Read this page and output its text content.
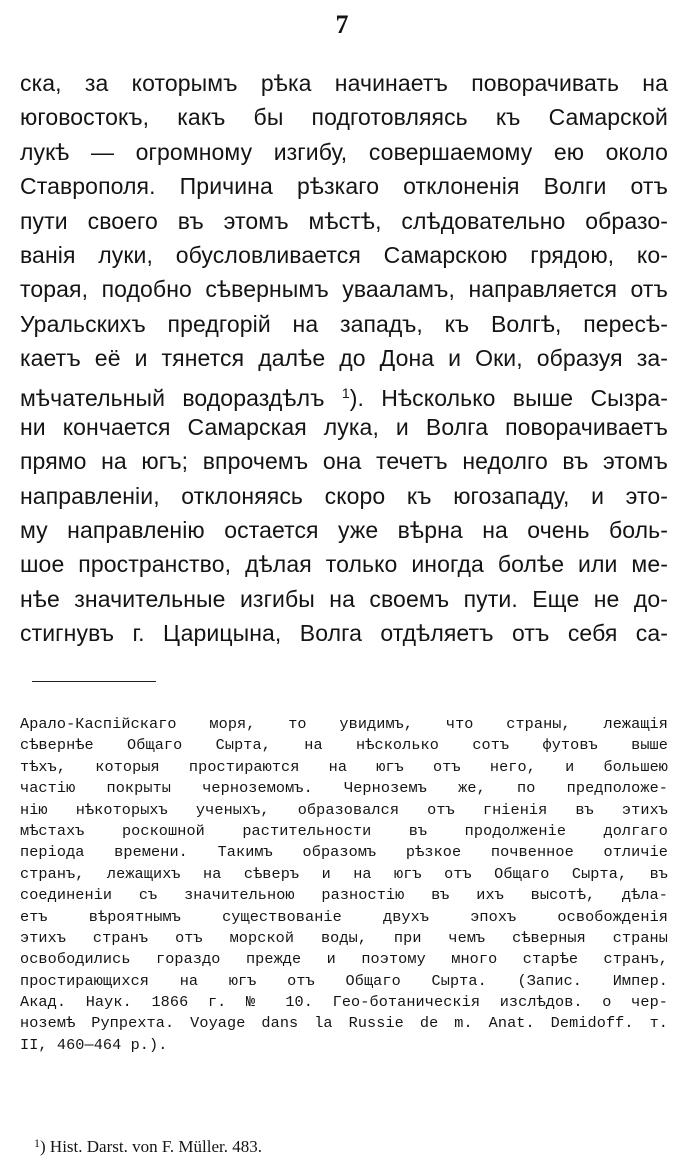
7
ска, за которымъ рѣка начинаетъ поворачивать на
юговостокъ, какъ бы подготовляясь къ Самарской
лукѣ — огромному изгибу, совершаемому ею около
Ставрополя. Причина рѣзкаго отклоненія Волги отъ
пути своего въ этомъ мѣстѣ, слѣдовательно образо-
ванія луки, обусловливается Самарскою грядою, ко-
торая, подобно сѣвернымъ увааламъ, направляется отъ
Уральскихъ предгорій на западъ, къ Волгѣ, пересѣ-
каетъ её и тянется далѣе до Дона и Оки, образуя за-
мѣчательный водораздѣлъ $^1$). Нѣсколько выше Сызра-
ни кончается Самарская лука, и Волга поворачиваетъ
прямо на югъ; впрочемъ она течетъ недолго въ этомъ
направленіи, отклоняясь скоро къ югозападу, и это-
му направленію остается уже вѣрна на очень боль-
шое пространство, дѣлая только иногда болѣе или ме-
нѣе значительные изгибы на своемъ пути. Еще не до-
стигнувъ г. Царицына, Волга отдѣляетъ отъ себя са-
Арало-Каспійскаго моря, то увидимъ, что страны, лежащія
сѣвернѣе Общаго Сырта, на нѣсколько сотъ футовъ выше
тѣхъ, которыя простираются на югъ отъ него, и большею
частію покрыты черноземомъ. Черноземъ же, по предположе-
нію нѣкоторыхъ ученыхъ, образовался отъ гніенія въ этихъ
мѣстахъ роскошной растительности въ продолженіе долгаго
періода времени. Такимъ образомъ рѣзкое почвенное отличіе
странъ, лежащихъ на сѣверъ и на югъ отъ Общаго Сырта, въ
соединеніи съ значительною разностію въ ихъ высотѣ, дѣла-
етъ вѣроятнымъ существованіе двухъ эпохъ освобожденія
этихъ странъ отъ морской воды, при чемъ сѣверныя страны
освободились гораздо прежде и поэтому много старѣе странъ,
простирающихся на югъ отъ Общаго Сырта. (Запис. Импер.
Акад. Наук. 1866 г. № 10. Гео-ботаническія изслѣдов. о чер-
ноземѣ Рупрехта. Voyage dans la Russie de m. Anat. Demidoff. т.
II, 460—464 p.).
$^1$) Hist. Darst. von F. Müller. 483.
